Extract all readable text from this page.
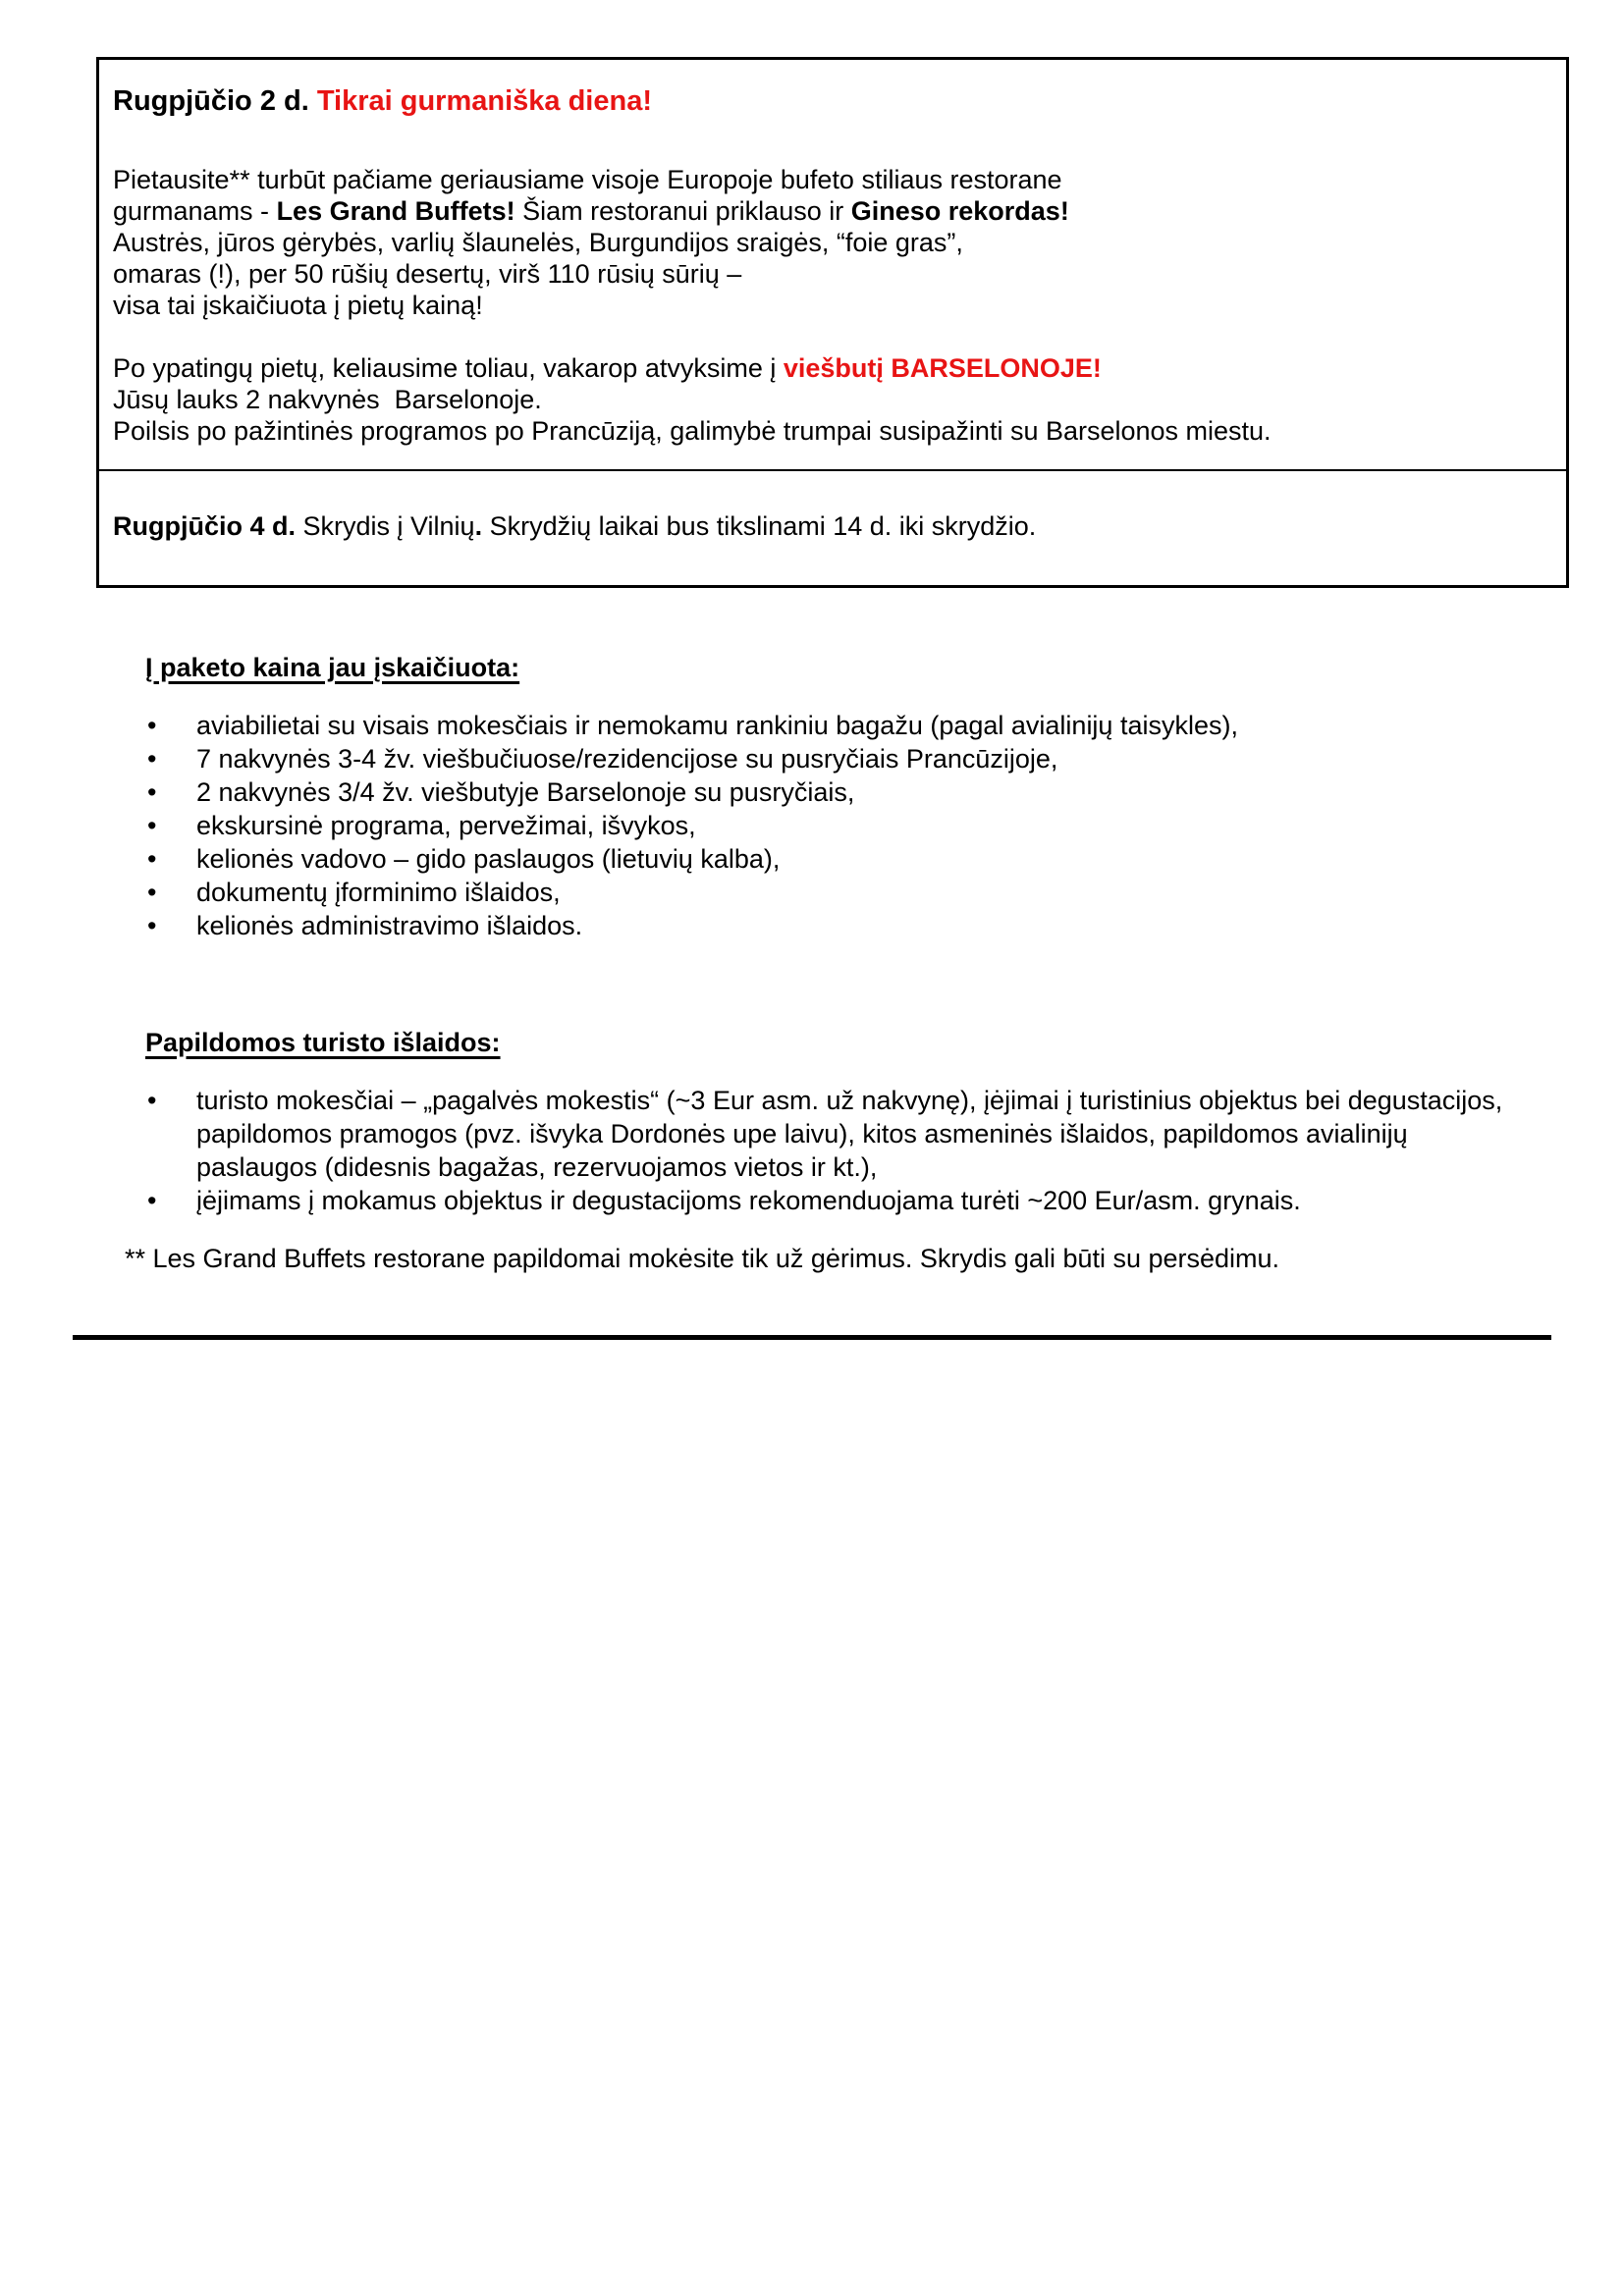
Rugpjūčio 2 d. Tikrai gurmaniška diena!

Pietausite** turbūt pačiame geriausiame visoje Europoje bufeto stiliaus restorane
gurmanams - Les Grand Buffets! Šiam restoranui priklauso ir Gineso rekordas!
Austrės, jūros gėrybės, varlių šlaunelės, Burgundijos sraigės, “foie gras”,
omaras (!), per 50 rūšių desertų, virš 110 rūsių sūrių –
visa tai įskaičiuota į pietų kainą!

Po ypatingų pietų, keliausime toliau, vakarop atvyksime į viešbutį BARSELONOJE!
Jūsų lauks 2 nakvynės  Barselonoje.
Poilsis po pažintinės programos po Prancūziją, galimybė trumpai susipažinti su Barselonos miestu.

Rugpjūčio 4 d. Skrydis į Vilnių. Skrydžių laikai bus tikslinami 14 d. iki skrydžio.

Į paketo kaina jau įskaičiuota:
• aviabilietai su visais mokesčiais ir nemokamu rankiniu bagažu (pagal avialinijų taisykles),
• 7 nakvynės 3-4 žv. viešbučiuose/rezidencijose su pusryčiais Prancūzijoje,
• 2 nakvynės 3/4 žv. viešbutyje Barselonoje su pusryčiais,
• ekskursinė programa, pervežimai, išvykos,
• kelionės vadovo – gido paslaugos (lietuvių kalba),
• dokumentų įforminimo išlaidos,
• kelionės administravimo išlaidos.
Papildomos turisto išlaidos:
• turisto mokesčiai – „pagalvės mokestis“ (~3 Eur asm. už nakvynę), įėjimai į turistinius objektus bei degustacijos, papildomos pramogos (pvz. išvyka Dordonės upe laivu), kitos asmeninės išlaidos, papildomos avialinijų paslaugos (didesnis bagažas, rezervuojamos vietos ir kt.),
• įėjimams į mokamus objektus ir degustacijoms rekomenduojama turėti ~200 Eur/asm. grynais.

** Les Grand Buffets restorane papildomai mokėsite tik už gėrimus. Skrydis gali būti su persėdimu.
